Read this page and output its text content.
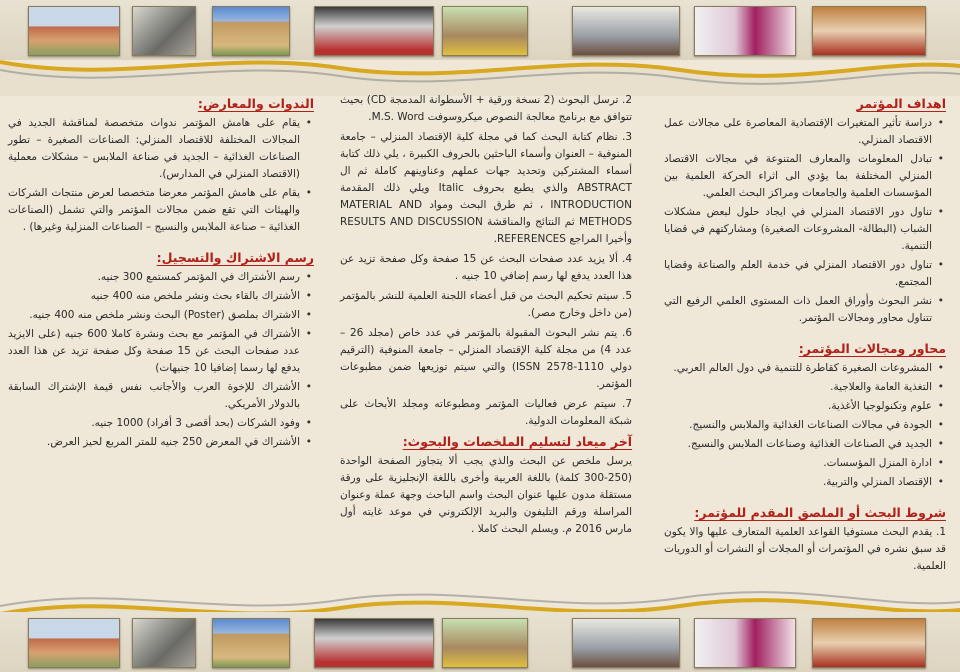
اهداف المؤتمر
• دراسة تأثير المتغيرات الإقتصادية المعاصرة على مجالات عمل الاقتصاد المنزلي.
• تبادل المعلومات والمعارف المتنوعة في مجالات الاقتصاد المنزلي المختلفة بما يؤدي الى اثراء الحركة العلمية بين المؤسسات العلمية والجامعات ومراكز البحث العلمي.
• تناول دور الاقتصاد المنزلي في ايجاد حلول لبعض مشكلات الشباب (البطالة- المشروعات الصغيرة) ومشاركتهم في قضايا التنمية.
• تناول دور الاقتصاد المنزلي في خدمة العلم والصناعة وقضايا المجتمع.
• نشر البحوث وأوراق العمل ذات المستوى العلمي الرفيع التي تتناول محاور ومجالات المؤتمر.
محاور ومجالات المؤتمر:
• المشروعات الصغيرة كقاطرة للتنمية في دول العالم العربي.
• التغذية العامة والعلاجية.
• علوم وتكنولوجيا الأغذية.
• الجودة في مجالات الصناعات الغذائية والملابس والنسيج.
• الجديد في الصناعات الغذائية وصناعات الملابس والنسيج.
• ادارة المنزل المؤسسات.
• الإقتصاد المنزلي والتربية.
شروط البحث أو الملصق المقدم للمؤتمر:
1. يقدم البحث مستوفيا القواعد العلمية المتعارف عليها والا يكون قد سبق نشره في المؤتمرات أو المجلات أو النشرات أو الدوريات العلمية.
2. ترسل البحوث (2 نسخة ورقية + الأسطوانة المدمجة CD) بحيث تتوافق مع برنامج معالجة النصوص ميكروسوفت M.S. Word.
3. نظام كتابة البحث كما في مجلة كلية الإقتصاد المنزلي – جامعة المنوفية – العنوان وأسماء الباحثين بالحروف الكبيرة ، يلي ذلك كتابة أسماء المشتركين وتحديد جهات عملهم وعناوينهم كاملة ثم ال ABSTRACT والذي يطبع بحروف Italic ويلي ذلك المقدمة INTRODUCTION ، ثم طرق البحث ومواد MATERIAL AND METHODS ثم النتائج والمناقشة RESULTS AND DISCUSSION وأخيرا المراجع REFERENCES.
4. ألا يزيد عدد صفحات البحث عن 15 صفحة وكل صفحة تزيد عن هذا العدد يدفع لها رسم إضافي 10 جنيه .
5. سيتم تحكيم البحث من قبل أعضاء اللجنة العلمية للنشر بالمؤتمر (من داخل وخارج مصر).
6. يتم نشر البحوث المقبولة بالمؤتمر في عدد خاص (مجلد 26 – عدد 4) من مجلة كلية الإقتصاد المنزلي – جامعة المنوفية (الترقيم دولي 1110-2578 ISSN) والتي سيتم توزيعها ضمن مطبوعات المؤتمر.
7. سيتم عرض فعاليات المؤتمر ومطبوعاته ومجلد الأبحاث على شبكة المعلومات الدولية.
آخر ميعاد لتسليم الملخصات والبحوث:
يرسل ملخص عن البحث والذي يجب ألا يتجاوز الصفحة الواحدة (250-300 كلمة) باللغة العربية وأخرى باللغة الإنجليزية على ورقة مستقلة مدون عليها عنوان البحث واسم الباحث وجهة عملة وعنوان المراسلة ورقم التليفون والبريد الإلكتروني في موعد غايته أول مارس 2016 م. ويسلم البحث كاملا .
الندوات والمعارض:
• يقام على هامش المؤتمر ندوات متخصصة لمناقشة الجديد في المجالات المختلفة للاقتصاد المنزلي: الصناعات الصغيرة – تطور الصناعات الغذائية – الجديد في صناعة الملابس – مشكلات معملية (الاقتصاد المنزلي في المدارس).
• يقام على هامش المؤتمر معرضا متخصصا لعرض منتجات الشركات والهيئات التي تقع ضمن مجالات المؤتمر والتي تشمل (الصناعات الغذائية – صناعة الملابس والنسيج – الصناعات المنزلية وغيرها) .
رسم الاشتراك والتسجيل:
• رسم الأشتراك في المؤتمر كمستمع 300 جنيه.
• الأشتراك بالقاء بحث ونشر ملخص منه 400 جنيه
• الاشتراك بملصق (Poster) البحث ونشر ملخص منه 400 جنيه.
• الأشتراك في المؤتمر مع بحث ونشرة كاملا 600 جنيه (على الايزيد عدد صفحات البحث عن 15 صفحة وكل صفحة تزيد عن هذا العدد يدفع لها رسما إضافيا 10 جنيهات)
• الأشتراك للإخوة العرب والأجانب نفس قيمة الإشتراك السابقة بالدولار الأمريكي.
• وفود الشركات (بحد أقصى 3 أفراد) 1000 جنيه.
• الأشتراك في المعرض 250 جنيه للمتر المربع لحيز العرض.
